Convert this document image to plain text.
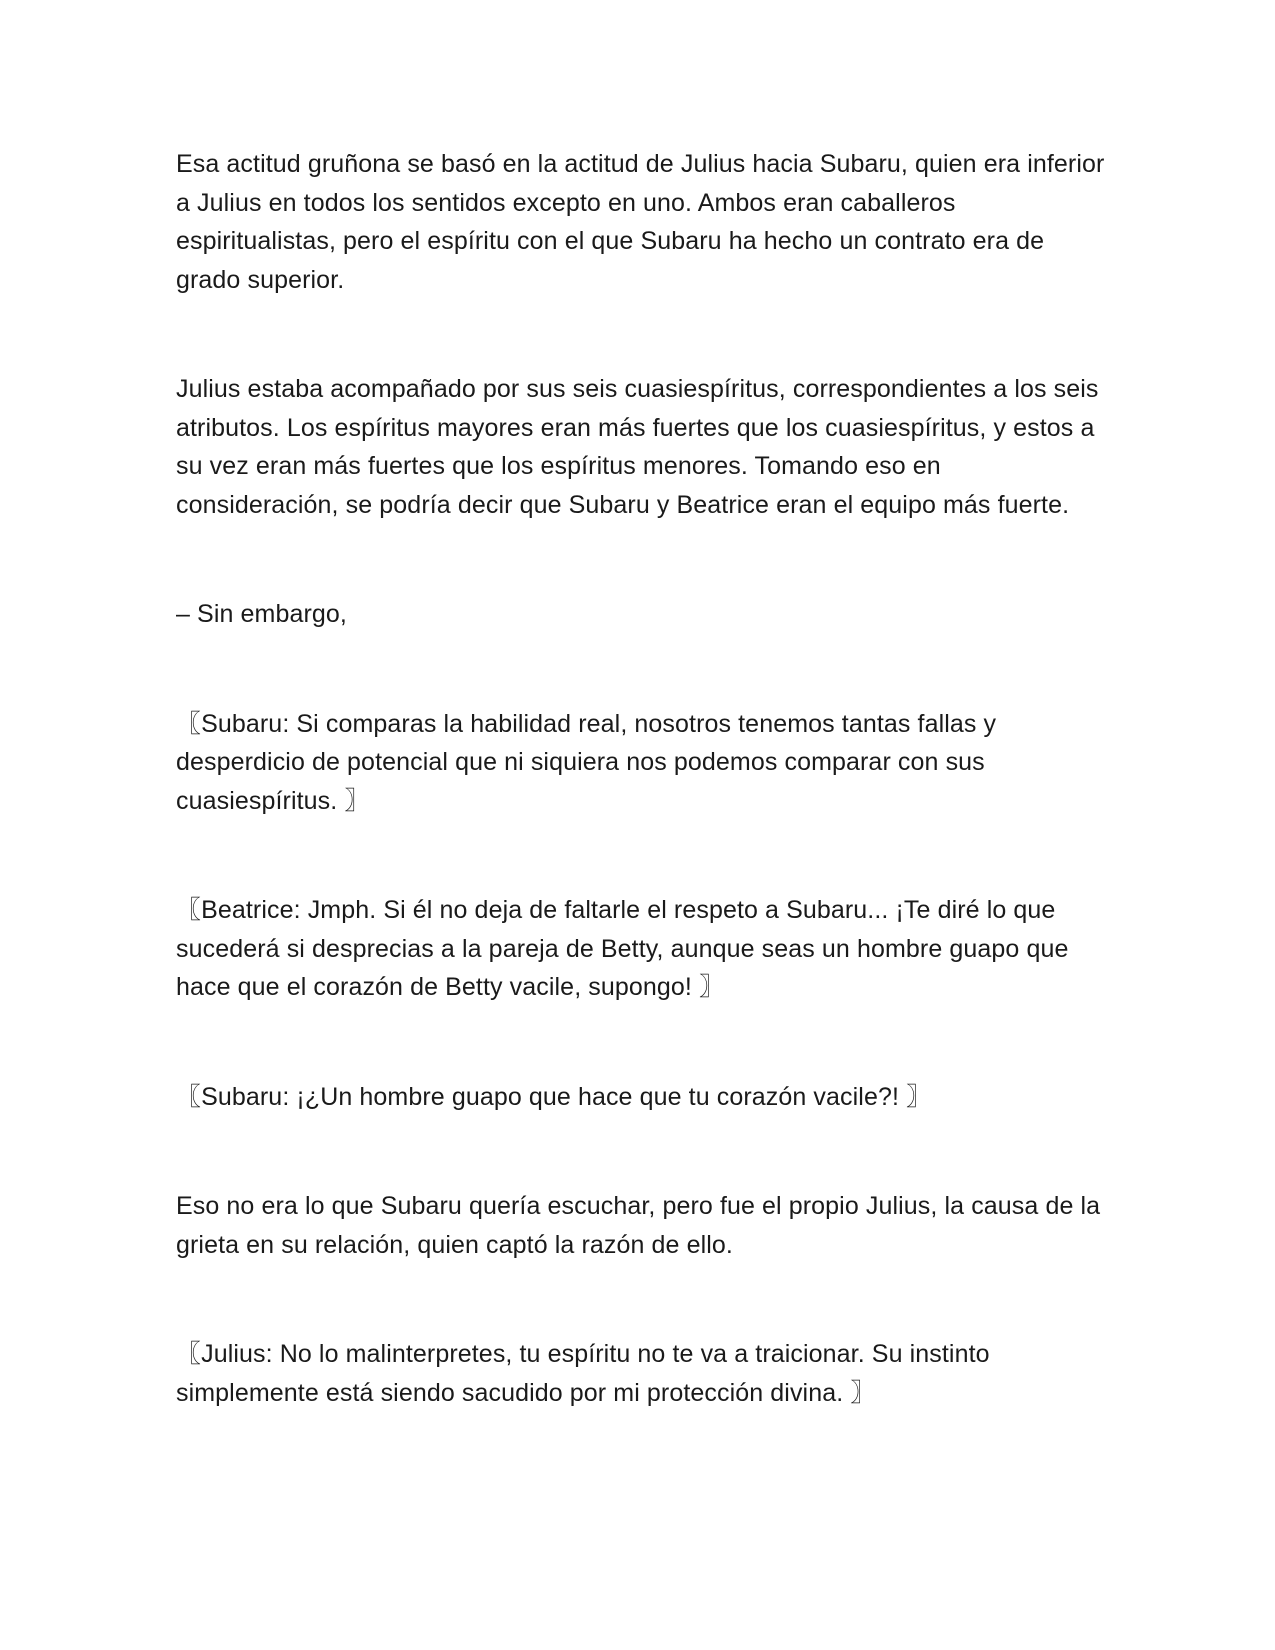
Esa actitud gruñona se basó en la actitud de Julius hacia Subaru, quien era inferior a Julius en todos los sentidos excepto en uno. Ambos eran caballeros espiritualistas, pero el espíritu con el que Subaru ha hecho un contrato era de grado superior.

Julius estaba acompañado por sus seis cuasiespíritus, correspondientes a los seis atributos. Los espíritus mayores eran más fuertes que los cuasiespíritus, y estos a su vez eran más fuertes que los espíritus menores. Tomando eso en consideración, se podría decir que Subaru y Beatrice eran el equipo más fuerte.

– Sin embargo,

〖Subaru: Si comparas la habilidad real, nosotros tenemos tantas fallas y desperdicio de potencial que ni siquiera nos podemos comparar con sus cuasiespíritus. 〗

〖Beatrice: Jmph. Si él no deja de faltarle el respeto a Subaru... ¡Te diré lo que sucederá si desprecias a la pareja de Betty, aunque seas un hombre guapo que hace que el corazón de Betty vacile, supongo! 〗

〖Subaru: ¡¿Un hombre guapo que hace que tu corazón vacile?! 〗

Eso no era lo que Subaru quería escuchar, pero fue el propio Julius, la causa de la grieta en su relación, quien captó la razón de ello.

〖Julius: No lo malinterpretes, tu espíritu no te va a traicionar. Su instinto simplemente está siendo sacudido por mi protección divina. 〗
